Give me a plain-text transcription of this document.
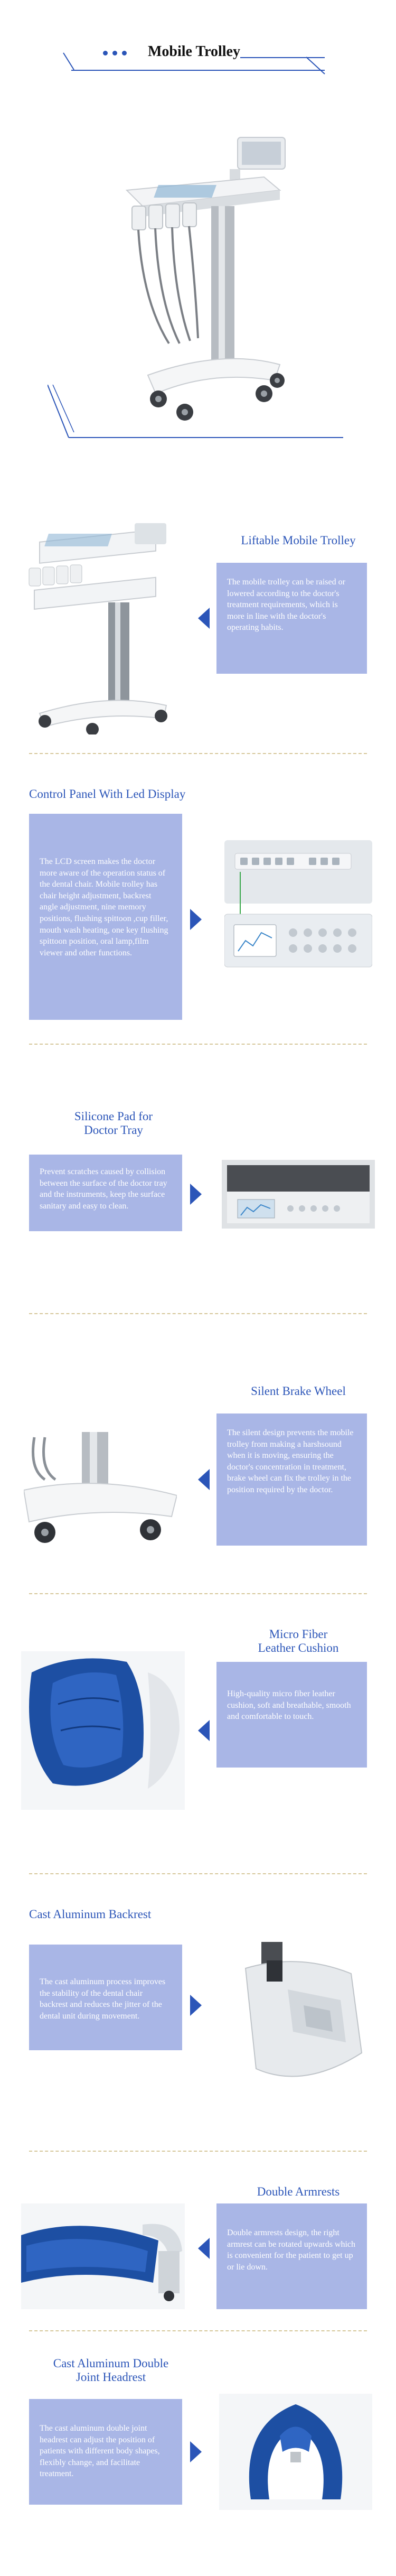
Mobile Trolley
Liftable Mobile Trolley
The mobile trolley can be raised or lowered according to the doctor's treatment requirements, which is more in line with the doctor's operating habits.
Control Panel With Led Display
The LCD screen makes the doctor more aware of the operation status of the dental chair. Mobile trolley has chair height adjustment, backrest angle adjustment, nine memory positions, flushing spittoon ,cup filler, mouth wash heating, one key flushing spittoon position, oral lamp,film viewer and other functions.
Silicone Pad for
Doctor Tray
Prevent scratches caused by collision between the surface of the doctor tray and the instruments, keep the surface sanitary and easy to clean.
Silent Brake Wheel
The silent design prevents the mobile trolley from making a harshsound when it is moving, ensuring the doctor's concentration in treatment, brake wheel can fix the trolley in the position required by the doctor.
Micro Fiber
Leather Cushion
High-quality micro fiber leather cushion, soft and breathable, smooth and comfortable to touch.
Cast Aluminum Backrest
The cast aluminum process improves the stability of the dental chair backrest and reduces the jitter of the dental unit during movement.
Double Armrests
Double armrests design, the right armrest can be rotated upwards which is convenient for the patient to get up or lie down.
Cast Aluminum Double
Joint Headrest
The cast aluminum double joint headrest can adjust the position of patients with different body shapes, flexibly change, and facilitate treatment.
